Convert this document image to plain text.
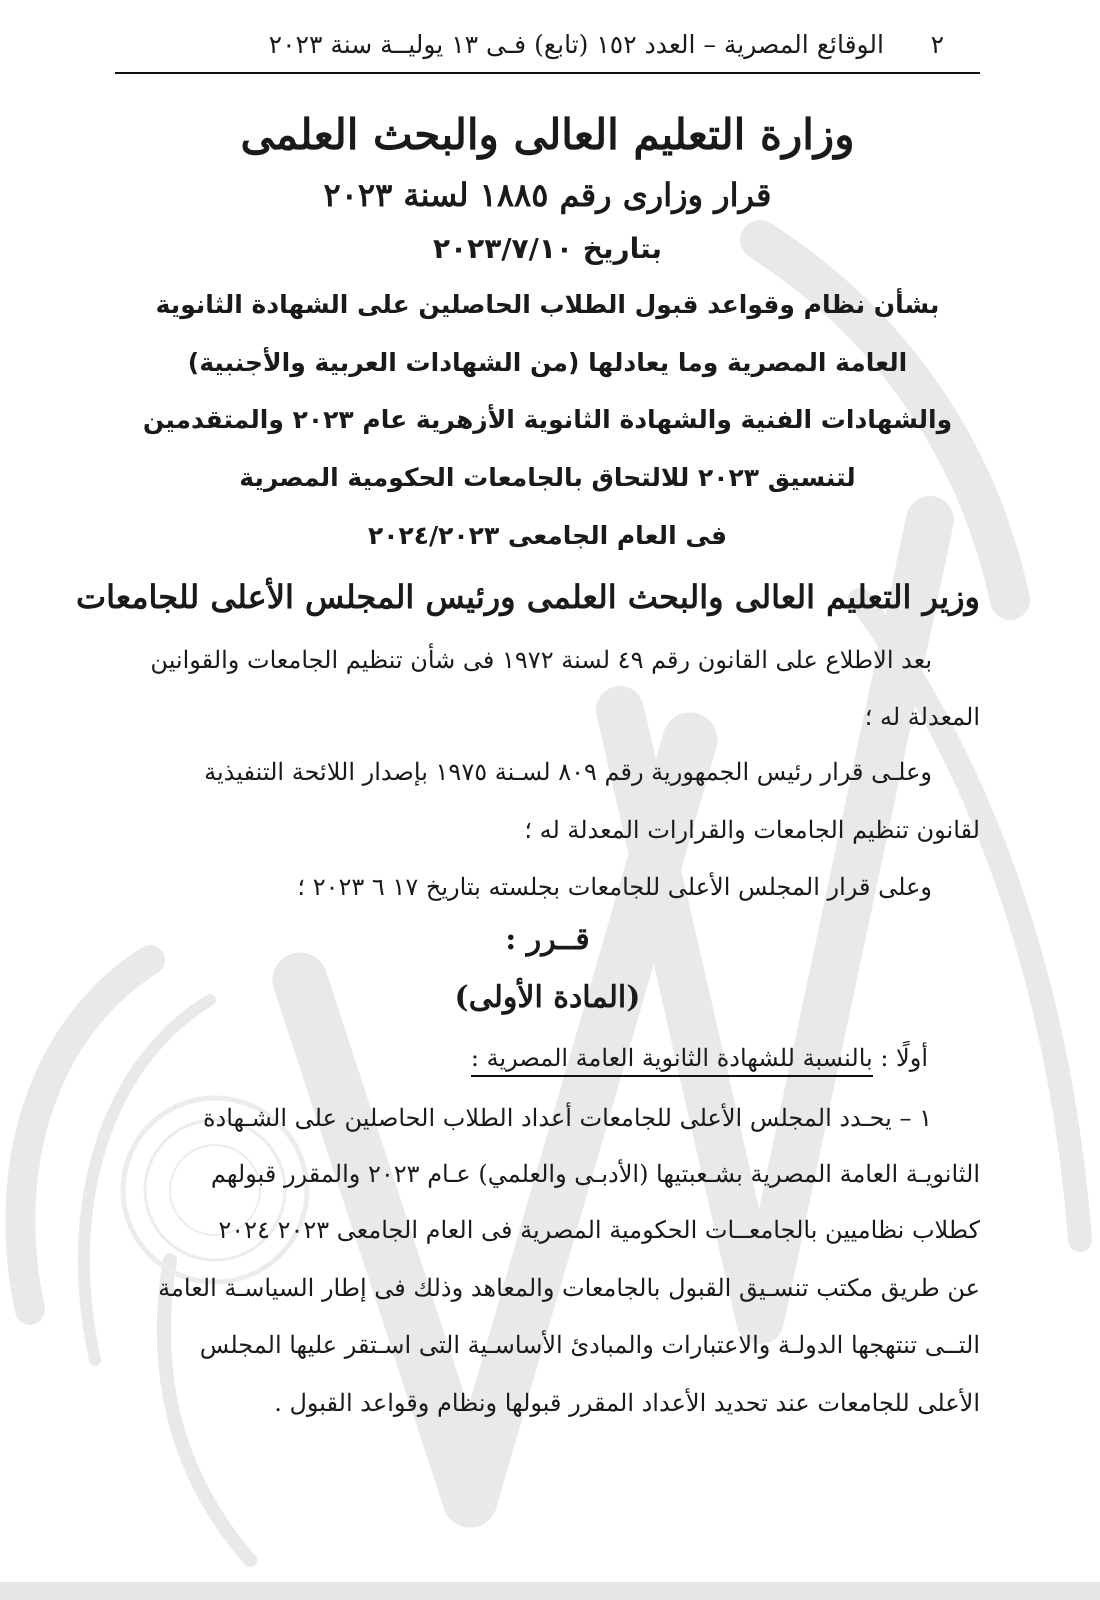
٢
الوقائع المصرية – العدد ١٥٢ (تابع) فـى ١٣ يوليــة سنة ٢٠٢٣
وزارة التعليم العالى والبحث العلمى
قرار وزارى رقم ١٨٨٥ لسنة ٢٠٢٣
بتاريخ ٢٠٢٣/٧/١٠
بشأن نظام وقواعد قبول الطلاب الحاصلين على الشهادة الثانوية
العامة المصرية وما يعادلها (من الشهادات العربية والأجنبية)
والشهادات الفنية والشهادة الثانوية الأزهرية عام ٢٠٢٣ والمتقدمين
لتنسيق ٢٠٢٣ للالتحاق بالجامعات الحكومية المصرية
فى العام الجامعى ٢٠٢٤/٢٠٢٣
وزير التعليم العالى والبحث العلمى ورئيس المجلس الأعلى للجامعات
بعد الاطلاع على القانون رقم ٤٩ لسنة ١٩٧٢ فى شأن تنظيم الجامعات والقوانين
المعدلة له ؛
وعلـى قرار رئيس الجمهورية رقم ٨٠٩ لسـنة ١٩٧٥ بإصدار اللائحة التنفيذية
لقانون تنظيم الجامعات والقرارات المعدلة له ؛
وعلى قرار المجلس الأعلى للجامعات بجلسته بتاريخ ١٧ ٦ ٢٠٢٣ ؛
قــرر :
(المادة الأولى)
أولًا : بالنسبة للشهادة الثانوية العامة المصرية :
١ – يحـدد المجلس الأعلى للجامعات أعداد الطلاب الحاصلين على الشـهادة
الثانويـة العامة المصرية بشـعبتيها (الأدبـى والعلمي) عـام ٢٠٢٣ والمقرر قبولهم
كطلاب نظاميين بالجامعــات الحكومية المصرية فى العام الجامعى ٢٠٢٣ ٢٠٢٤
عن طريق مكتب تنسـيق القبول بالجامعات والمعاهد وذلك فى إطار السياسـة العامة
التــى تنتهجها الدولـة والاعتبارات والمبادئ الأساسـية التى اسـتقر عليها المجلس
الأعلى للجامعات عند تحديد الأعداد المقرر قبولها ونظام وقواعد القبول .
